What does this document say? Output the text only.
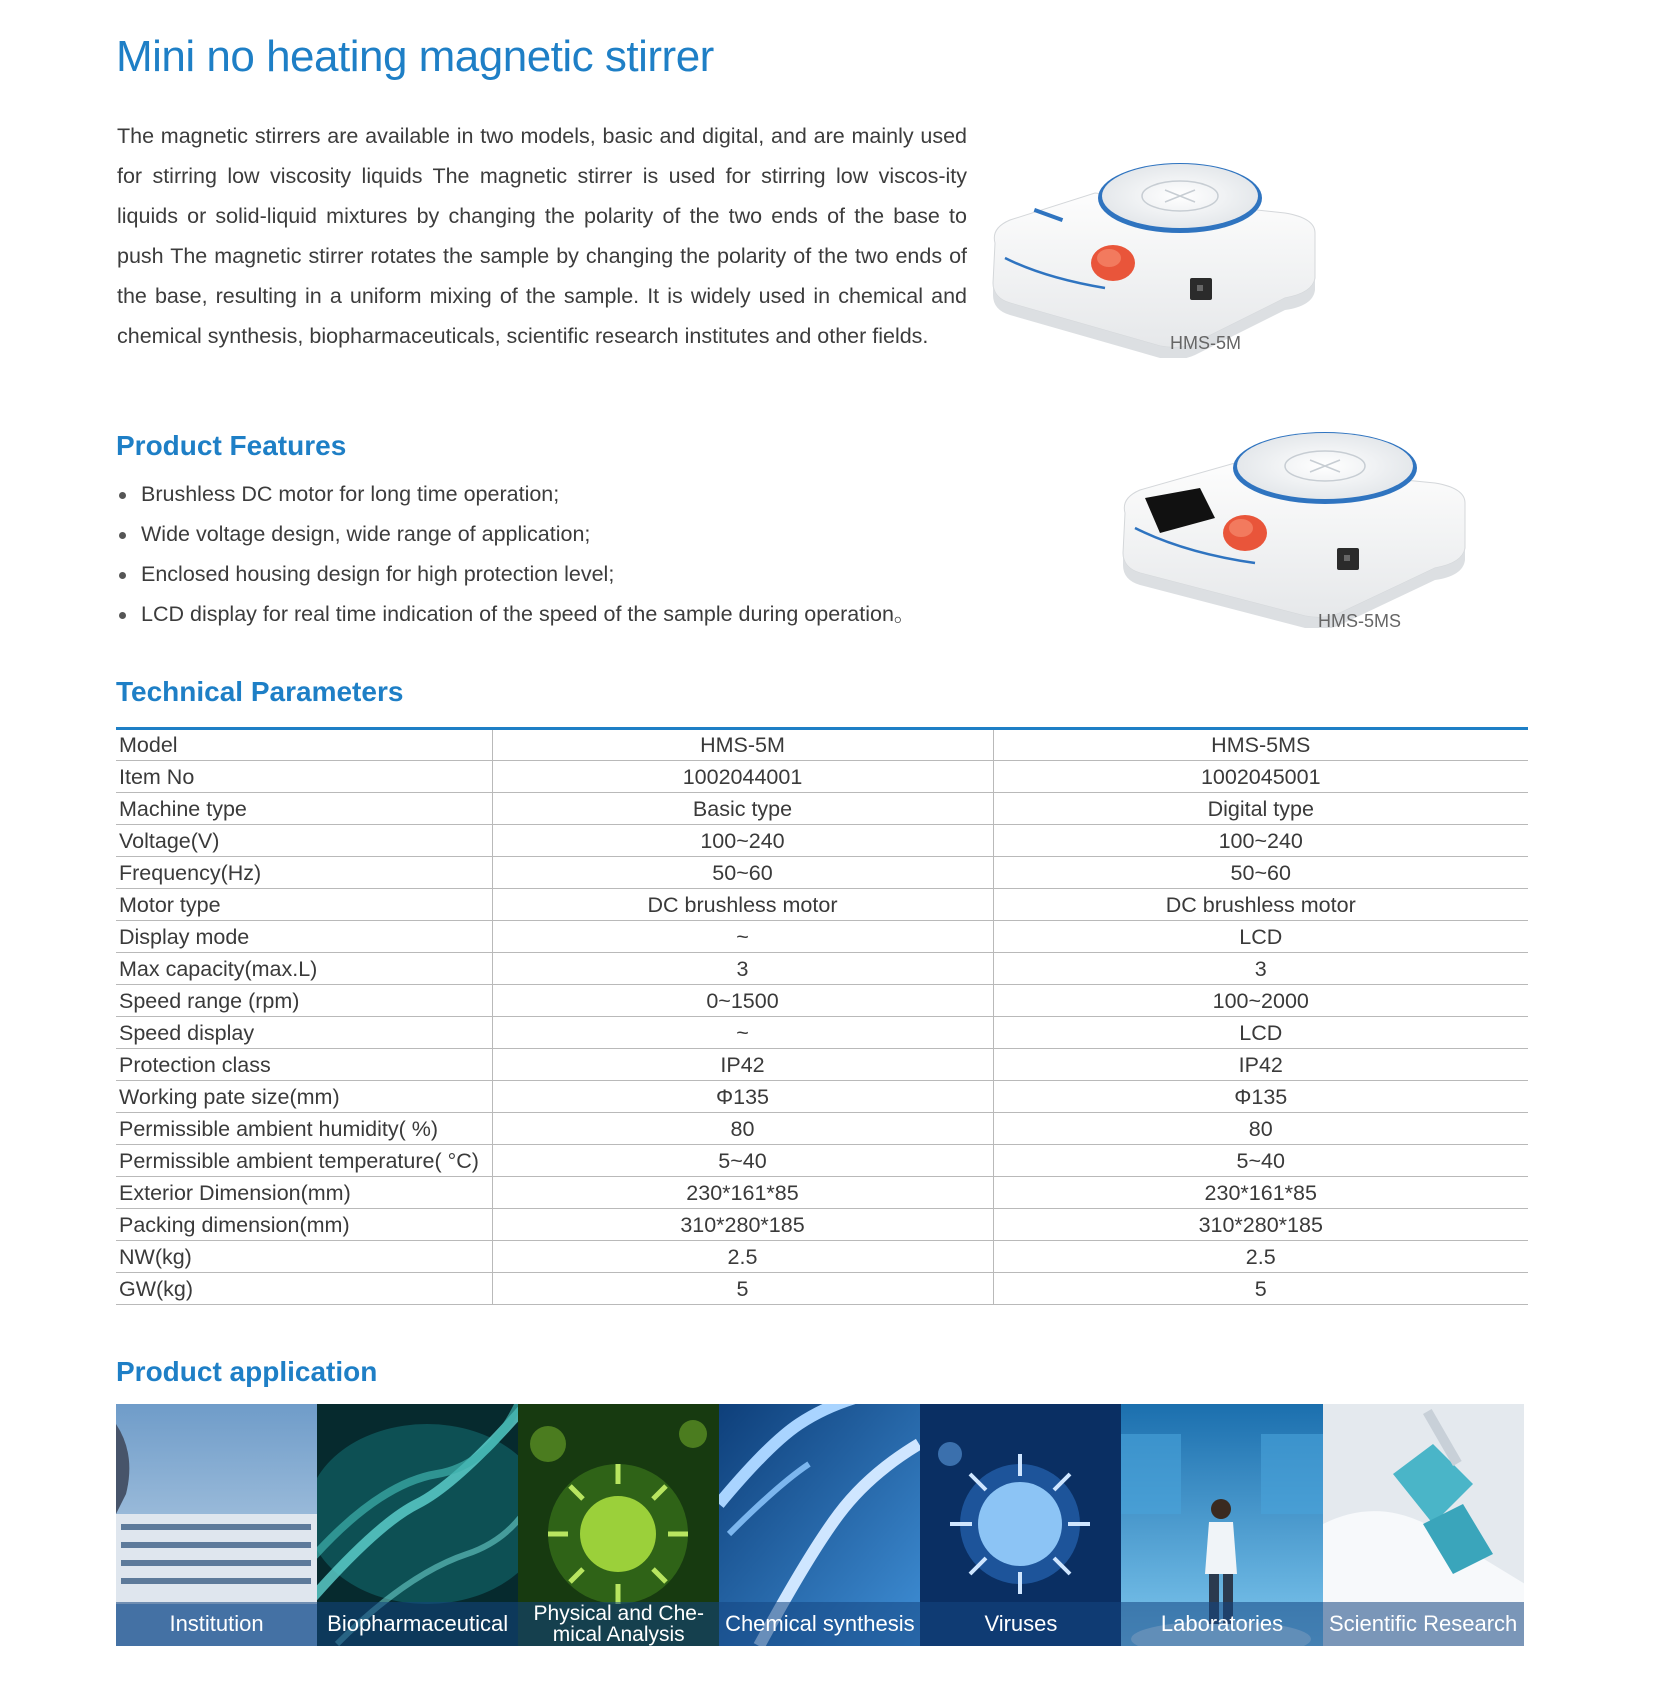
Mini no heating magnetic stirrer

The magnetic stirrers are available in two models, basic and digital, and are mainly used for stirring low viscosity liquids The magnetic stirrer is used for stirring low viscos-ity liquids or solid-liquid mixtures by changing the polarity of the two ends of the base to push The magnetic stirrer rotates the sample by changing the polarity of the two ends of the base, resulting in a uniform mixing of the sample. It is widely used in chemical and chemical synthesis, biopharmaceuticals, scientific research institutes and other fields.	HMS-5M
HMS-5MS
Product Features
Brushless DC motor for long time operation;
Wide voltage design, wide range of application;
Enclosed housing design for high protection level;
LCD display for real time indication of the speed of the sample during operation。
Technical Parameters
Model	HMS-5M	HMS-5MS
Item No	1002044001	1002045001
Machine type	Basic type	Digital type
Voltage(V)	100~240	100~240
Frequency(Hz)	50~60	50~60
Motor type	DC brushless motor	DC brushless motor
Display mode	~	LCD
Max capacity(max.L)	3	3
Speed range (rpm)	0~1500	100~2000
Speed display	~	LCD
Protection class	IP42	IP42
Working pate size(mm)	Φ135	Φ135
Permissible ambient humidity( %)	80	80
Permissible ambient temperature( °C)	5~40	5~40
Exterior Dimension(mm)	230*161*85	230*161*85
Packing dimension(mm)	310*280*185	310*280*185
NW(kg)	2.5	2.5
GW(kg)	5	5
Product application
Institution	Biopharmaceutical	Physical and Che-mical Analysis	Chemical synthesis	Viruses	Laboratories	Scientific Research
